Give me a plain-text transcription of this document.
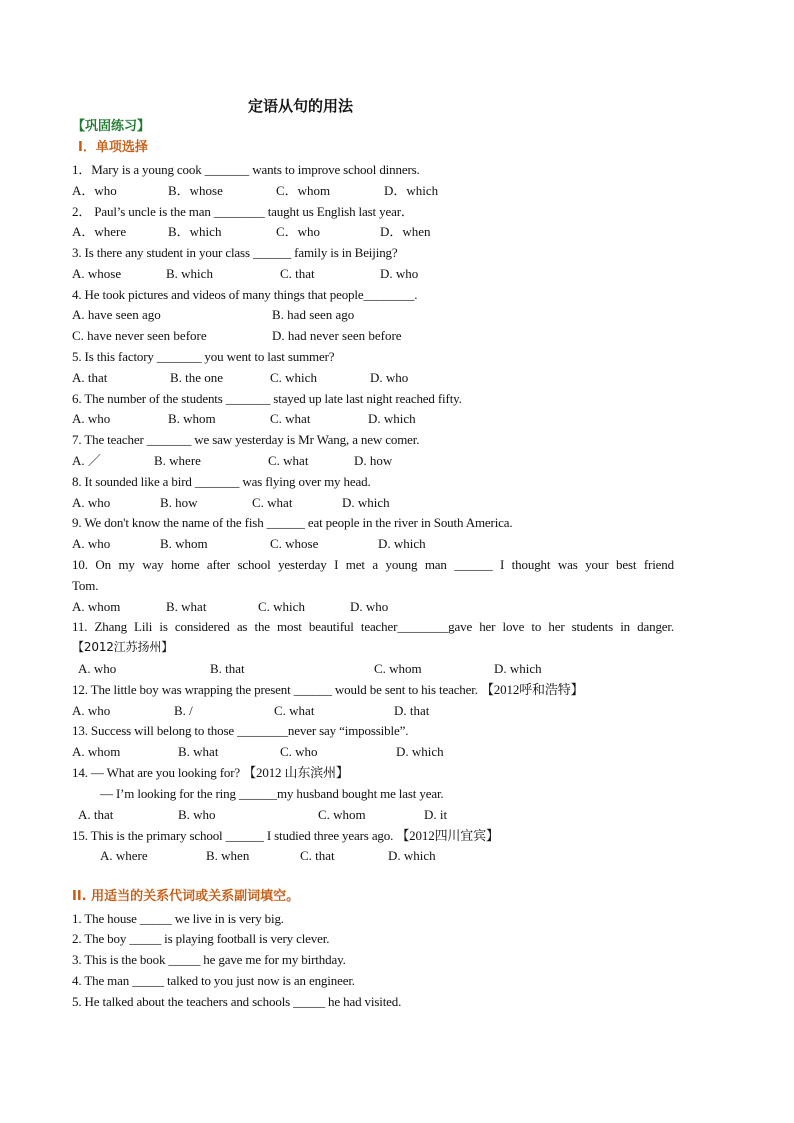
定语从句的用法
【巩固练习】
I．单项选择
1．Mary is a young cook _______ wants to improve school dinners.
A．who	B．whose	C．whom	D．which
2． Paul’s uncle is the man ________ taught us English last year．
A．where	B．which	C．who	D．when
3. Is there any student in your class ______ family is in Beijing?
A. whose	B. which	C. that	D. who
4. He took pictures and videos of many things that people________.
A. have seen ago	B. had seen ago
C. have never seen before	D. had never seen before
5. Is this factory _______ you went to last summer?
A. that	B. the one	C. which	D. who
6. The number of the students _______ stayed up late last night reached fifty.
A. who	B. whom	C. what	D. which
7. The teacher _______ we saw yesterday is Mr Wang, a new comer.
A. ／	B. where	C. what	D. how
8. It sounded like a bird _______ was flying over my head.
A. who	B. how	C. what	D. which
9. We don't know the name of the fish ______ eat people in the river in South America.
A. who	B. whom	C. whose	D. which
10. On my way home after school yesterday I met a young man ______ I thought was your best friend
Tom.
A. whom	B. what	C. which	D. who
11. Zhang Lili is considered as the most beautiful teacher________gave her love to her students in danger.
【2012江苏扬州】
A. who	B. that	C. whom	D. which
12. The little boy was wrapping the present ______ would be sent to his teacher. 【2012呼和浩特】
A. who	B. /	C. what	D. that
13. Success will belong to those ________never say “impossible”.
A. whom	B. what	C. who	D. which
14. — What are you looking for? 【2012 山东滨州】
— I’m looking for the ring ______my husband bought me last year.
A. that	B. who	C. whom	D. it
15. This is the primary school ______ I studied three years ago. 【2012四川宜宾】
A. where	B. when	C. that	D. which
II. 用适当的关系代词或关系副词填空。
1. The house _____ we live in is very big.
2. The boy _____ is playing football is very clever.
3. This is the book _____ he gave me for my birthday.
4. The man _____ talked to you just now is an engineer.
5. He talked about the teachers and schools _____ he had visited.
